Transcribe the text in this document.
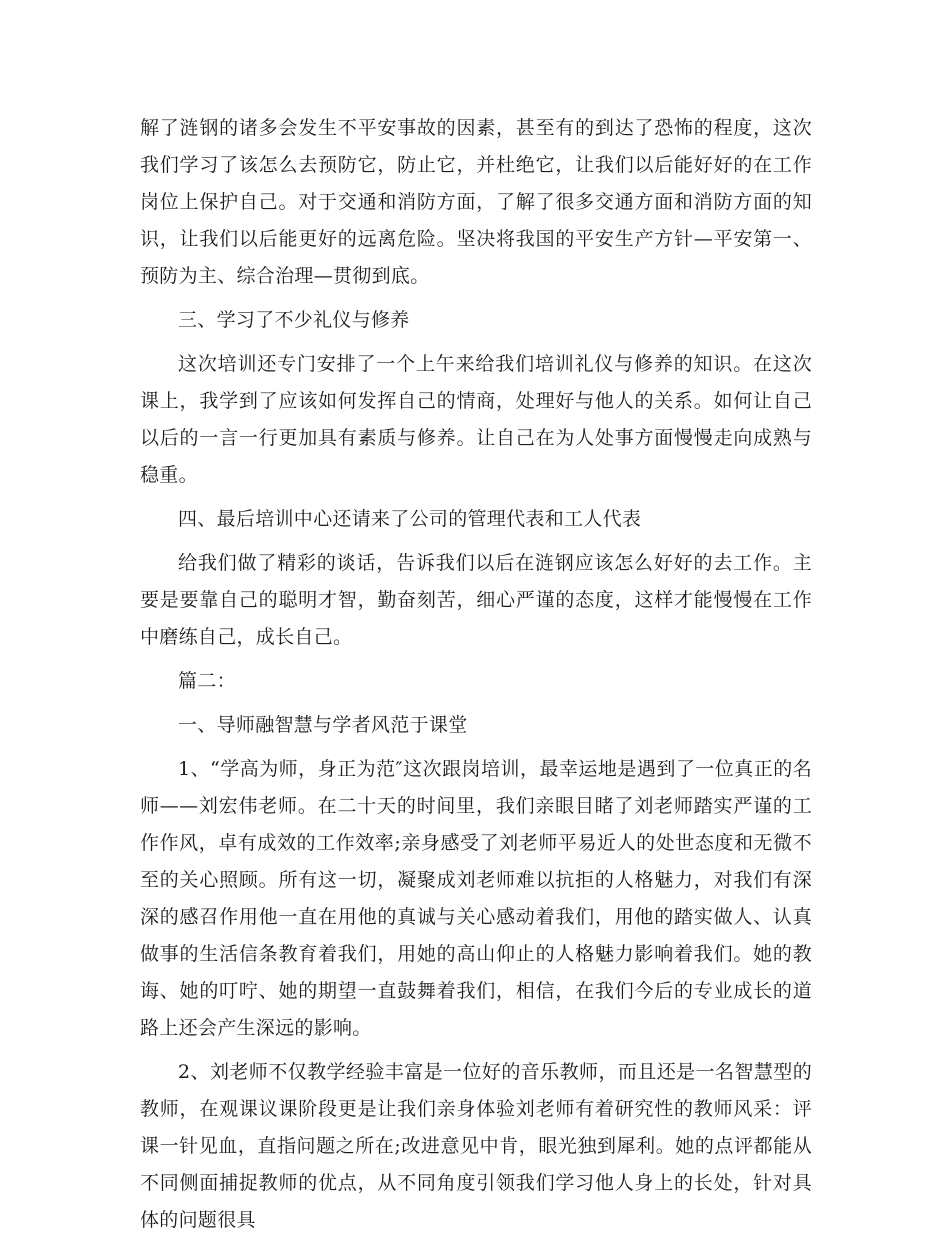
解了涟钢的诸多会发生不平安事故的因素，甚至有的到达了恐怖的程度，这次我们学习了该怎么去预防它，防止它，并杜绝它，让我们以后能好好的在工作岗位上保护自己。对于交通和消防方面，了解了很多交通方面和消防方面的知识，让我们以后能更好的远离危险。坚决将我国的平安生产方针—平安第一、预防为主、综合治理—贯彻到底。

三、学习了不少礼仪与修养

这次培训还专门安排了一个上午来给我们培训礼仪与修养的知识。在这次课上，我学到了应该如何发挥自己的情商，处理好与他人的关系。如何让自己以后的一言一行更加具有素质与修养。让自己在为人处事方面慢慢走向成熟与稳重。

四、最后培训中心还请来了公司的管理代表和工人代表

给我们做了精彩的谈话，告诉我们以后在涟钢应该怎么好好的去工作。主要是要靠自己的聪明才智，勤奋刻苦，细心严谨的态度，这样才能慢慢在工作中磨练自己，成长自己。

篇二：

一、导师融智慧与学者风范于课堂

1、“学高为师，身正为范″这次跟岗培训，最幸运地是遇到了一位真正的名师——刘宏伟老师。在二十天的时间里，我们亲眼目睹了刘老师踏实严谨的工作作风，卓有成效的工作效率;亲身感受了刘老师平易近人的处世态度和无微不至的关心照顾。所有这一切，凝聚成刘老师难以抗拒的人格魅力，对我们有深深的感召作用他一直在用他的真诚与关心感动着我们，用他的踏实做人、认真做事的生活信条教育着我们，用她的高山仰止的人格魅力影响着我们。她的教诲、她的叮咛、她的期望一直鼓舞着我们，相信，在我们今后的专业成长的道路上还会产生深远的影响。

2、刘老师不仅教学经验丰富是一位好的音乐教师，而且还是一名智慧型的教师，在观课议课阶段更是让我们亲身体验刘老师有着研究性的教师风采：评课一针见血，直指问题之所在;改进意见中肯，眼光独到犀利。她的点评都能从不同侧面捕捉教师的优点，从不同角度引领我们学习他人身上的长处，针对具体的问题很具
